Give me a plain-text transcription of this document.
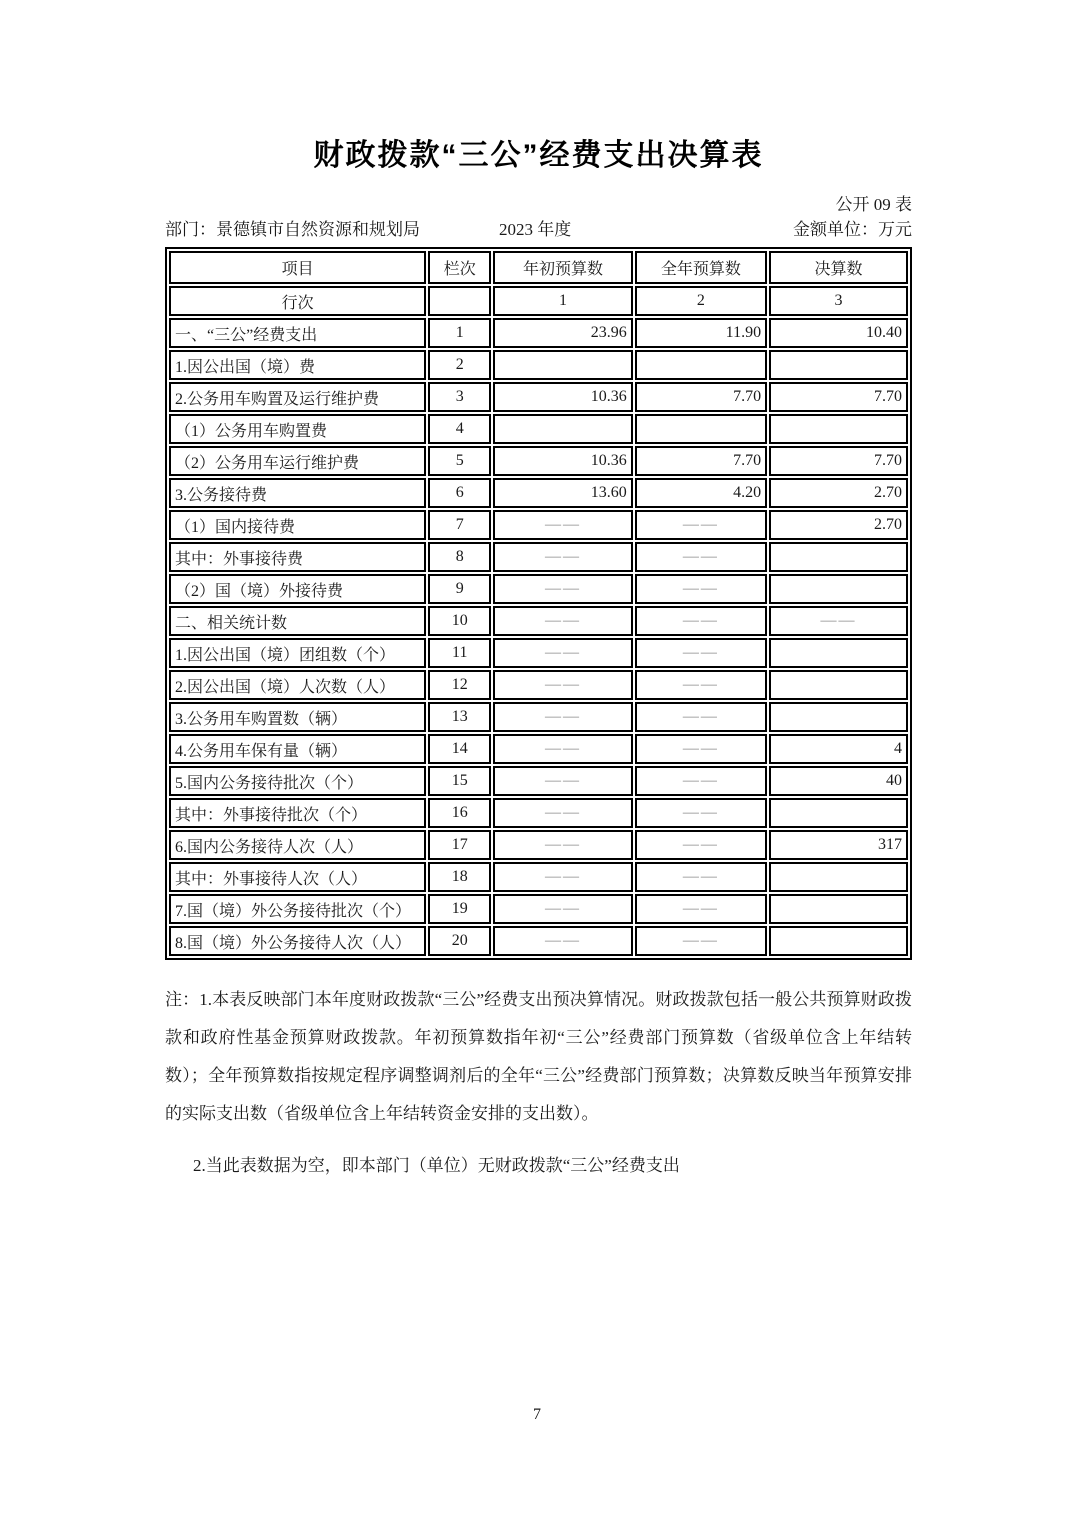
财政拨款“三公”经费支出决算表
公开 09 表
部门：景德镇市自然资源和规划局	2023 年度	金额单位：万元
项目	栏次	年初预算数	全年预算数	决算数
行次		1	2	3
一、“三公”经费支出	1	23.96	11.90	10.40
1.因公出国（境）费	2			
2.公务用车购置及运行维护费	3	10.36	7.70	7.70
（1）公务用车购置费	4			
（2）公务用车运行维护费	5	10.36	7.70	7.70
3.公务接待费	6	13.60	4.20	2.70
（1）国内接待费	7	——	——	2.70
其中：外事接待费	8	——	——	
（2）国（境）外接待费	9	——	——	
二、相关统计数	10	——	——	——
1.因公出国（境）团组数（个）	11	——	——	
2.因公出国（境）人次数（人）	12	——	——	
3.公务用车购置数（辆）	13	——	——	
4.公务用车保有量（辆）	14	——	——	4
5.国内公务接待批次（个）	15	——	——	40
其中：外事接待批次（个）	16	——	——	
6.国内公务接待人次（人）	17	——	——	317
其中：外事接待人次（人）	18	——	——	
7.国（境）外公务接待批次（个）	19	——	——	
8.国（境）外公务接待人次（人）	20	——	——	

注：1.本表反映部门本年度财政拨款“三公”经费支出预决算情况。财政拨款包括一般公共预算财政拨款和政府性基金预算财政拨款。年初预算数指年初“三公”经费部门预算数（省级单位含上年结转数）；全年预算数指按规定程序调整调剂后的全年“三公”经费部门预算数；决算数反映当年预算安排的实际支出数（省级单位含上年结转资金安排的支出数）。

2.当此表数据为空，即本部门（单位）无财政拨款“三公”经费支出

7
